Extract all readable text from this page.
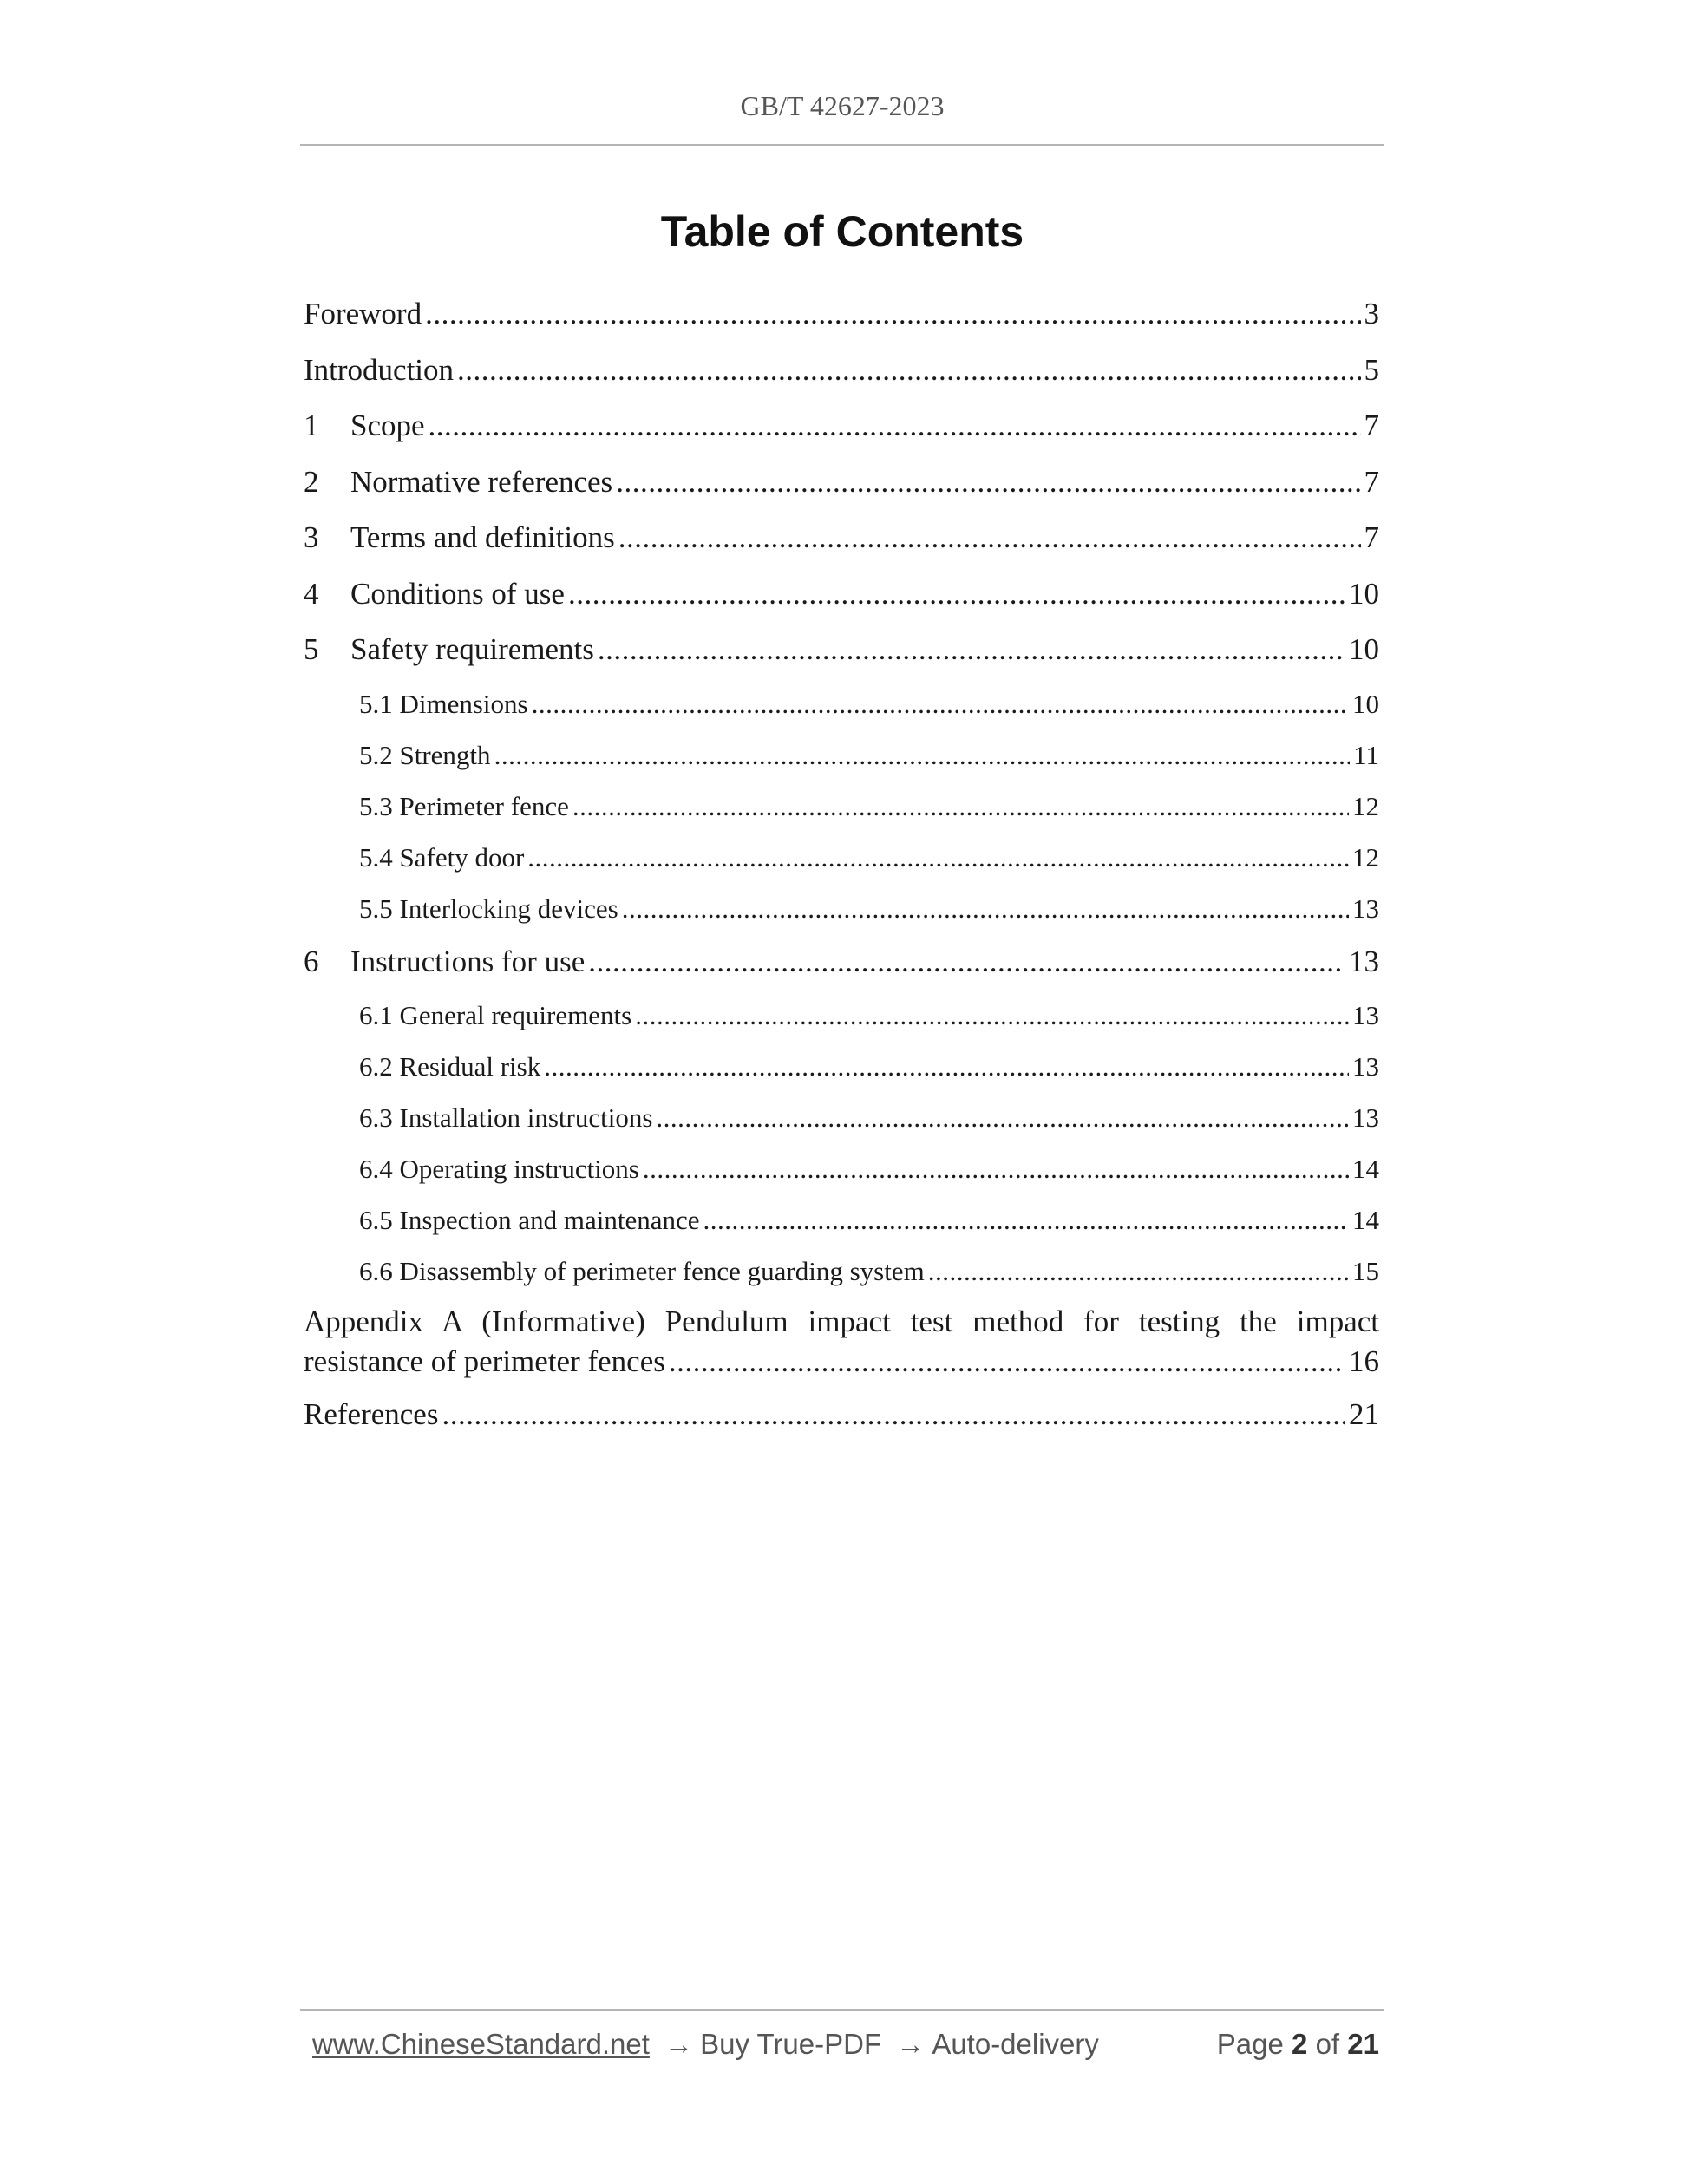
GB/T 42627-2023
Table of Contents
Foreword .....	3
Introduction .....	5
1	Scope .....	7
2	Normative references .....	7
3	Terms and definitions .....	7
4	Conditions of use .....	10
5	Safety requirements .....	10
5.1 Dimensions .....	10
5.2 Strength .....	11
5.3 Perimeter fence .....	12
5.4 Safety door .....	12
5.5 Interlocking devices .....	13
6	Instructions for use .....	13
6.1 General requirements .....	13
6.2 Residual risk .....	13
6.3 Installation instructions .....	13
6.4 Operating instructions .....	14
6.5 Inspection and maintenance .....	14
6.6 Disassembly of perimeter fence guarding system .....	15
Appendix A (Informative) Pendulum impact test method for testing the impact
resistance of perimeter fences .....	16
References .....	21
www.ChineseStandard.net → Buy True-PDF → Auto-delivery	Page 2 of 21
